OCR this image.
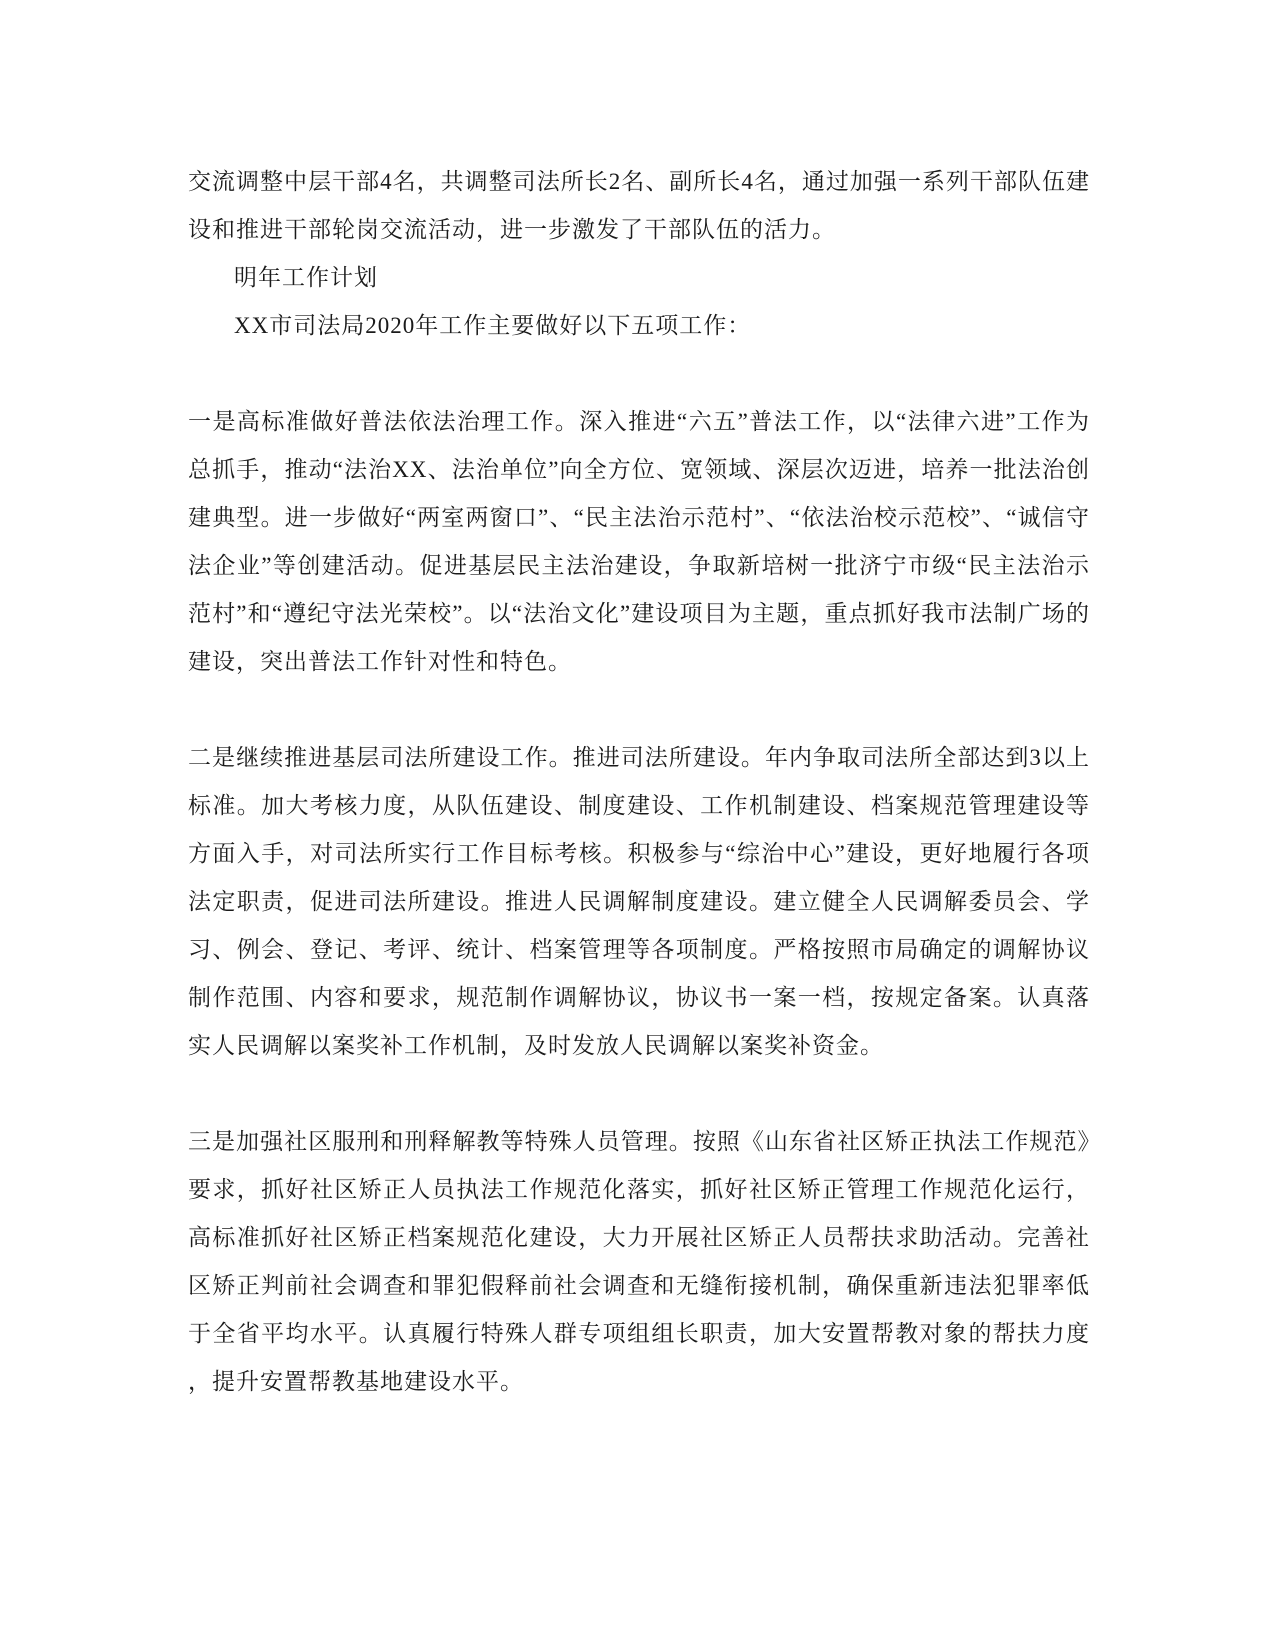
交流调整中层干部4名，共调整司法所长2名、副所长4名，通过加强一系列干部队伍建设和推进干部轮岗交流活动，进一步激发了干部队伍的活力。

明年工作计划

XX市司法局2020年工作主要做好以下五项工作：

一是高标准做好普法依法治理工作。深入推进“六五”普法工作，以“法律六进”工作为总抓手，推动“法治XX、法治单位”向全方位、宽领域、深层次迈进，培养一批法治创建典型。进一步做好“两室两窗口”、“民主法治示范村”、“依法治校示范校”、“诚信守法企业”等创建活动。促进基层民主法治建设，争取新培树一批济宁市级“民主法治示范村”和“遵纪守法光荣校”。以“法治文化”建设项目为主题，重点抓好我市法制广场的建设，突出普法工作针对性和特色。

二是继续推进基层司法所建设工作。推进司法所建设。年内争取司法所全部达到3以上标准。加大考核力度，从队伍建设、制度建设、工作机制建设、档案规范管理建设等方面入手，对司法所实行工作目标考核。积极参与“综治中心”建设，更好地履行各项法定职责，促进司法所建设。推进人民调解制度建设。建立健全人民调解委员会、学习、例会、登记、考评、统计、档案管理等各项制度。严格按照市局确定的调解协议制作范围、内容和要求，规范制作调解协议，协议书一案一档，按规定备案。认真落实人民调解以案奖补工作机制，及时发放人民调解以案奖补资金。

三是加强社区服刑和刑释解教等特殊人员管理。按照《山东省社区矫正执法工作规范》要求，抓好社区矫正人员执法工作规范化落实，抓好社区矫正管理工作规范化运行，高标准抓好社区矫正档案规范化建设，大力开展社区矫正人员帮扶求助活动。完善社区矫正判前社会调查和罪犯假释前社会调查和无缝衔接机制，确保重新违法犯罪率低于全省平均水平。认真履行特殊人群专项组组长职责，加大安置帮教对象的帮扶力度，提升安置帮教基地建设水平。
